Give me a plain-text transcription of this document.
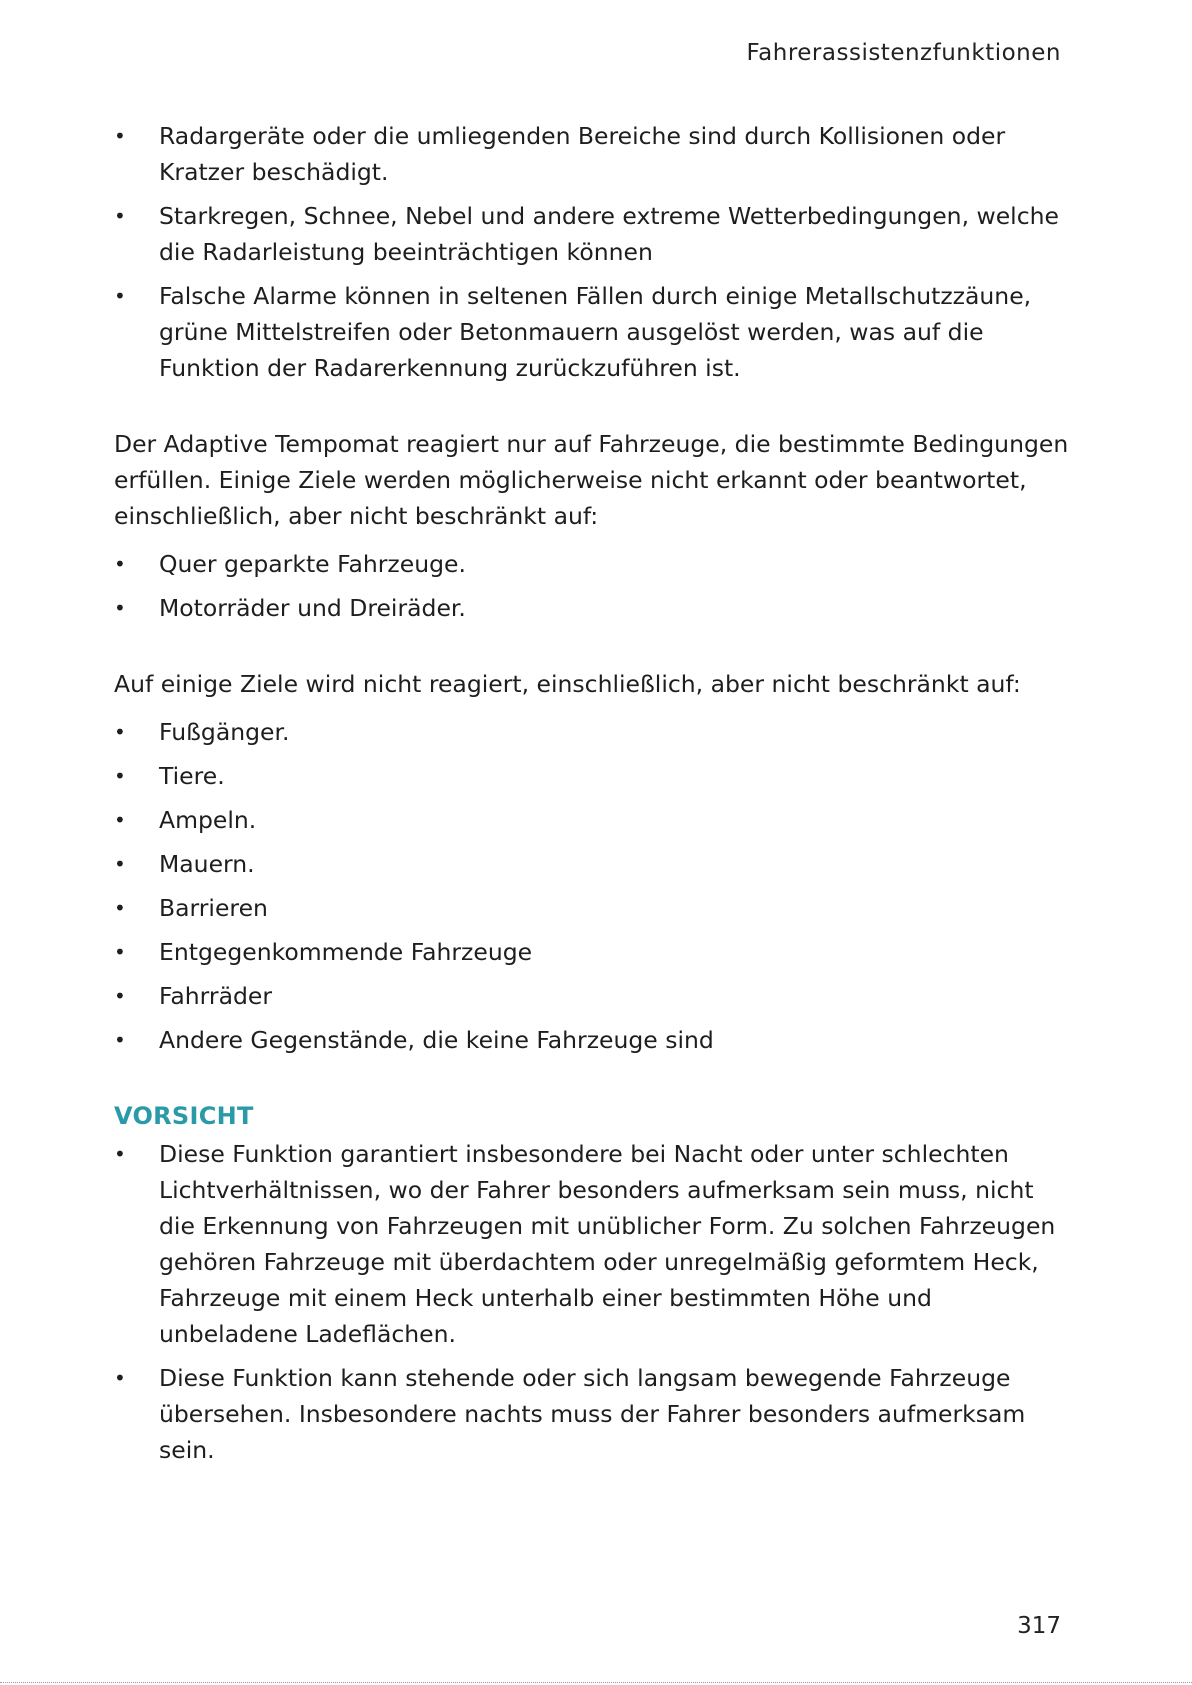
Fahrerassistenzfunktionen
• Radargeräte oder die umliegenden Bereiche sind durch Kollisionen oder Kratzer beschädigt.
• Starkregen, Schnee, Nebel und andere extreme Wetterbedingungen, welche die Radarleistung beeinträchtigen können
• Falsche Alarme können in seltenen Fällen durch einige Metallschutzzäune, grüne Mittelstreifen oder Betonmauern ausgelöst werden, was auf die Funktion der Radarerkennung zurückzuführen ist.

Der Adaptive Tempomat reagiert nur auf Fahrzeuge, die bestimmte Bedingungen erfüllen. Einige Ziele werden möglicherweise nicht erkannt oder beantwortet, einschließlich, aber nicht beschränkt auf:

• Quer geparkte Fahrzeuge.
• Motorräder und Dreiräder.

Auf einige Ziele wird nicht reagiert, einschließlich, aber nicht beschränkt auf:

• Fußgänger.
• Tiere.
• Ampeln.
• Mauern.
• Barrieren
• Entgegenkommende Fahrzeuge
• Fahrräder
• Andere Gegenstände, die keine Fahrzeuge sind
VORSICHT
• Diese Funktion garantiert insbesondere bei Nacht oder unter schlechten Lichtverhältnissen, wo der Fahrer besonders aufmerksam sein muss, nicht die Erkennung von Fahrzeugen mit unüblicher Form. Zu solchen Fahrzeugen gehören Fahrzeuge mit überdachtem oder unregelmäßig geformtem Heck, Fahrzeuge mit einem Heck unterhalb einer bestimmten Höhe und unbeladene Ladeflächen.
• Diese Funktion kann stehende oder sich langsam bewegende Fahrzeuge übersehen. Insbesondere nachts muss der Fahrer besonders aufmerksam sein.
317
